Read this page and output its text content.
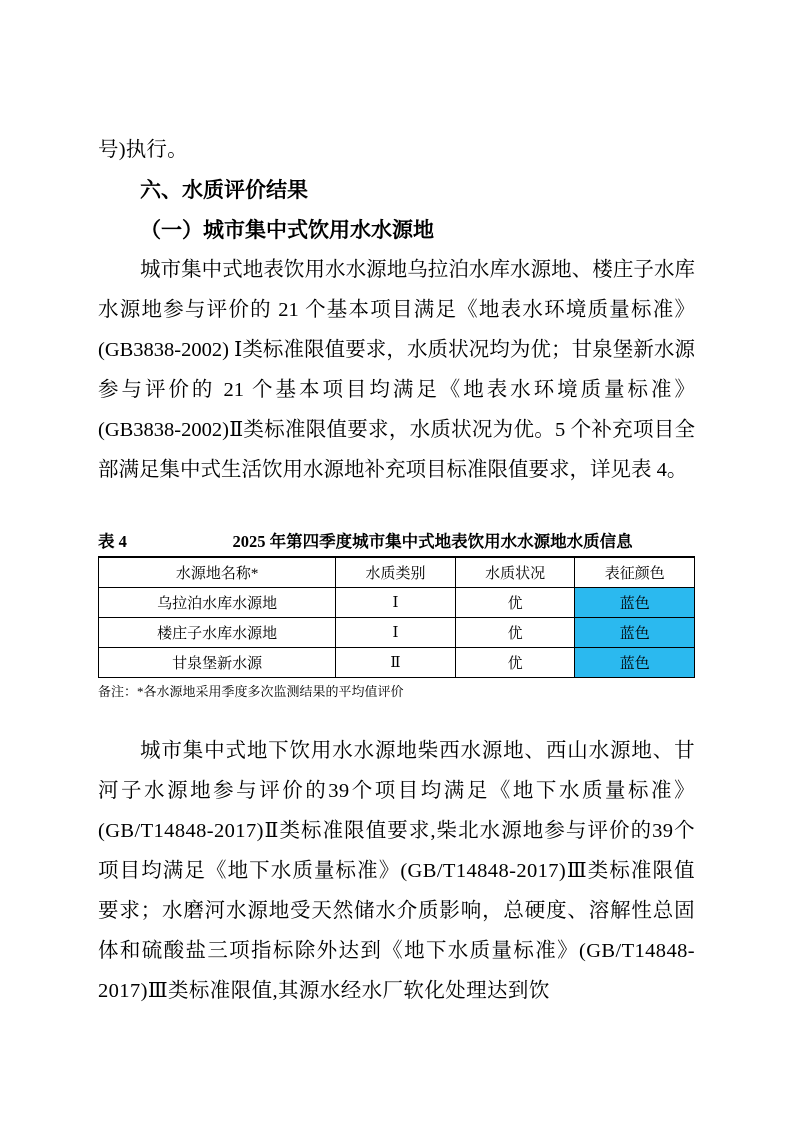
号)执行。
六、水质评价结果
（一）城市集中式饮用水水源地

城市集中式地表饮用水水源地乌拉泊水库水源地、楼庄子水库水源地参与评价的 21 个基本项目满足《地表水环境质量标准》(GB3838-2002) Ⅰ类标准限值要求，水质状况均为优；甘泉堡新水源参与评价的 21 个基本项目均满足《地表水环境质量标准》(GB3838-2002)Ⅱ类标准限值要求，水质状况为优。5 个补充项目全部满足集中式生活饮用水源地补充项目标准限值要求，详见表 4。

表 4	2025 年第四季度城市集中式地表饮用水水源地水质信息
水源地名称*	水质类别	水质状况	表征颜色
乌拉泊水库水源地	Ⅰ	优	蓝色
楼庄子水库水源地	Ⅰ	优	蓝色
甘泉堡新水源	Ⅱ	优	蓝色
备注：*各水源地采用季度多次监测结果的平均值评价

城市集中式地下饮用水水源地柴西水源地、西山水源地、甘河子水源地参与评价的39个项目均满足《地下水质量标准》(GB/T14848-2017)Ⅱ类标准限值要求,柴北水源地参与评价的39个项目均满足《地下水质量标准》(GB/T14848-2017)Ⅲ类标准限值要求；水磨河水源地受天然储水介质影响，总硬度、溶解性总固体和硫酸盐三项指标除外达到《地下水质量标准》(GB/T14848-2017)Ⅲ类标准限值,其源水经水厂软化处理达到饮
